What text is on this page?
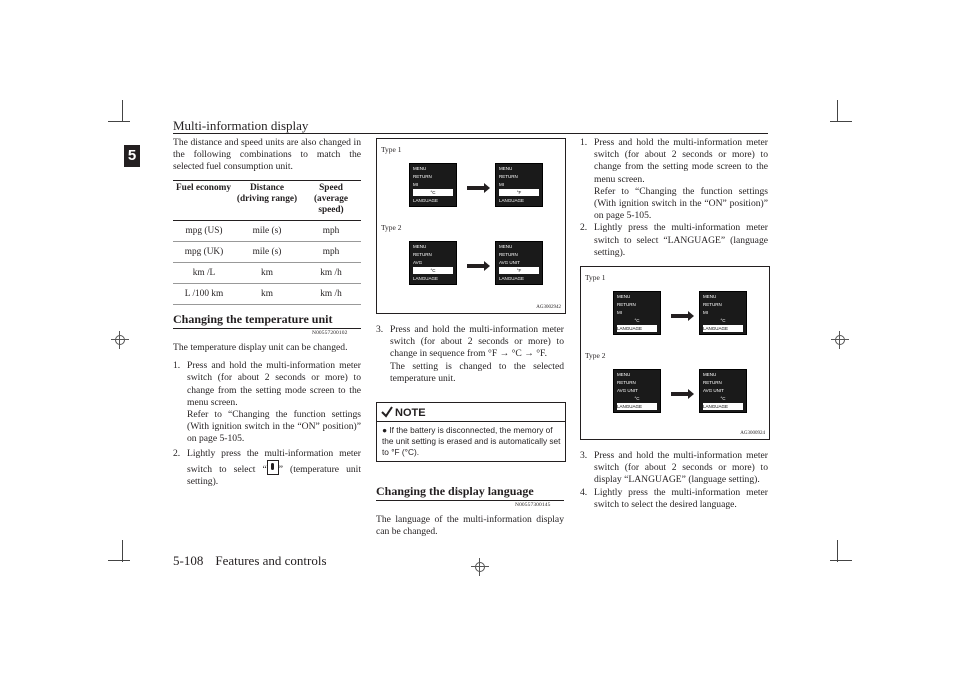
Multi-information display
5

The distance and speed units are also changed in the following combinations to match the selected fuel consumption unit.

Fuel economy	Distance (driving range)	Speed (average speed)
mpg (US)	mile (s)	mph
mpg (UK)	mile (s)	mph
km /L	km	km /h
L /100 km	km	km /h
Changing the temperature unit
N00557200102

The temperature display unit can be changed.

1. Press and hold the multi-information meter switch (for about 2 seconds or more) to change from the setting mode screen to the menu screen.
Refer to “Changing the function settings (With ignition switch in the “ON” position)” on page 5-105.
2. Lightly press the multi-information meter switch to select “ ” (temperature unit setting).
Type 1
Type 2
AG3002942
MENU
RETURN
MI
°C
LANGUAGE
MENU
RETURN
MI
°F
LANGUAGE
MENU
RETURN
AVG
°C
LANGUAGE
MENU
RETURN
AVG UNIT
°F
LANGUAGE
3. Press and hold the multi-information meter switch (for about 2 seconds or more) to change in sequence from °F → °C → °F.
The setting is changed to the selected temperature unit.
NOTE
● If the battery is disconnected, the memory of the unit setting is erased and is automatically set to °F (°C).
Changing the display language
N00557300145

The language of the multi-information display can be changed.

1. Press and hold the multi-information meter switch (for about 2 seconds or more) to change from the setting mode screen to the menu screen.
Refer to “Changing the function settings (With ignition switch in the “ON” position)” on page 5-105.
2. Lightly press the multi-information meter switch to select “LANGUAGE” (language setting).
Type 1
Type 2
AG3000924
MENU
RETURN
MI
°C
LANGUAGE
MENU
RETURN
MI
°C
LANGUAGE
MENU
RETURN
AVG UNIT
°C
LANGUAGE
MENU
RETURN
AVG UNIT
°C
LANGUAGE
3. Press and hold the multi-information meter switch (for about 2 seconds or more) to display “LANGUAGE” (language setting).
4. Lightly press the multi-information meter switch to select the desired language.
5-108 Features and controls
